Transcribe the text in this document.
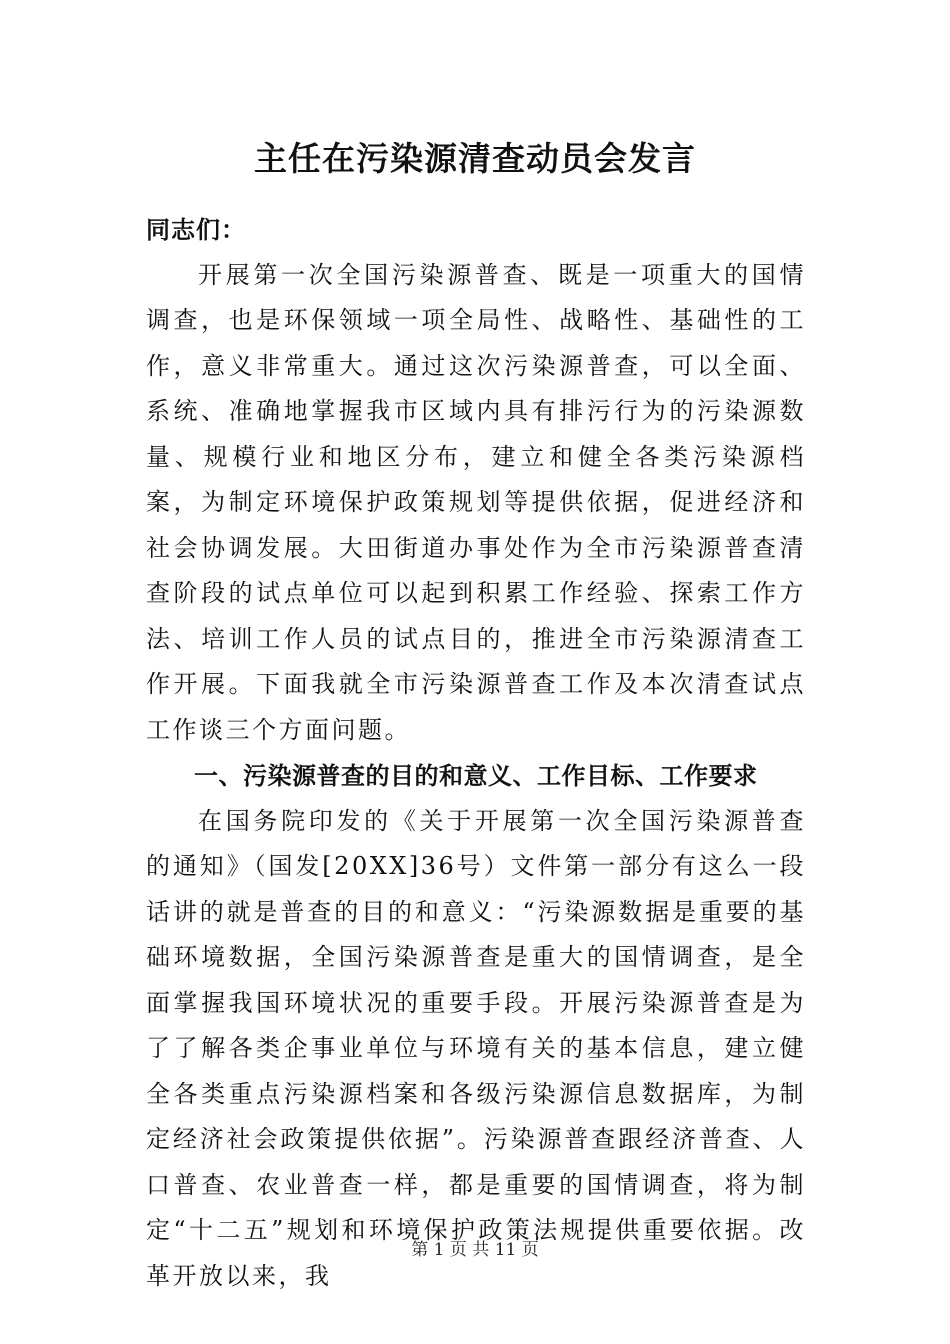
主任在污染源清查动员会发言

同志们：

开展第一次全国污染源普查、既是一项重大的国情调查，也是环保领域一项全局性、战略性、基础性的工作，意义非常重大。通过这次污染源普查，可以全面、系统、准确地掌握我市区域内具有排污行为的污染源数量、规模行业和地区分布，建立和健全各类污染源档案，为制定环境保护政策规划等提供依据，促进经济和社会协调发展。大田街道办事处作为全市污染源普查清查阶段的试点单位可以起到积累工作经验、探索工作方法、培训工作人员的试点目的，推进全市污染源清查工作开展。下面我就全市污染源普查工作及本次清查试点工作谈三个方面问题。

一、污染源普查的目的和意义、工作目标、工作要求

在国务院印发的《关于开展第一次全国污染源普查的通知》（国发[20XX]36号）文件第一部分有这么一段话讲的就是普查的目的和意义：“污染源数据是重要的基础环境数据，全国污染源普查是重大的国情调查，是全面掌握我国环境状况的重要手段。开展污染源普查是为了了解各类企事业单位与环境有关的基本信息，建立健全各类重点污染源档案和各级污染源信息数据库，为制定经济社会政策提供依据”。污染源普查跟经济普查、人口普查、农业普查一样，都是重要的国情调查，将为制定“十二五”规划和环境保护政策法规提供重要依据。改革开放以来，我

第 1 页 共 11 页
